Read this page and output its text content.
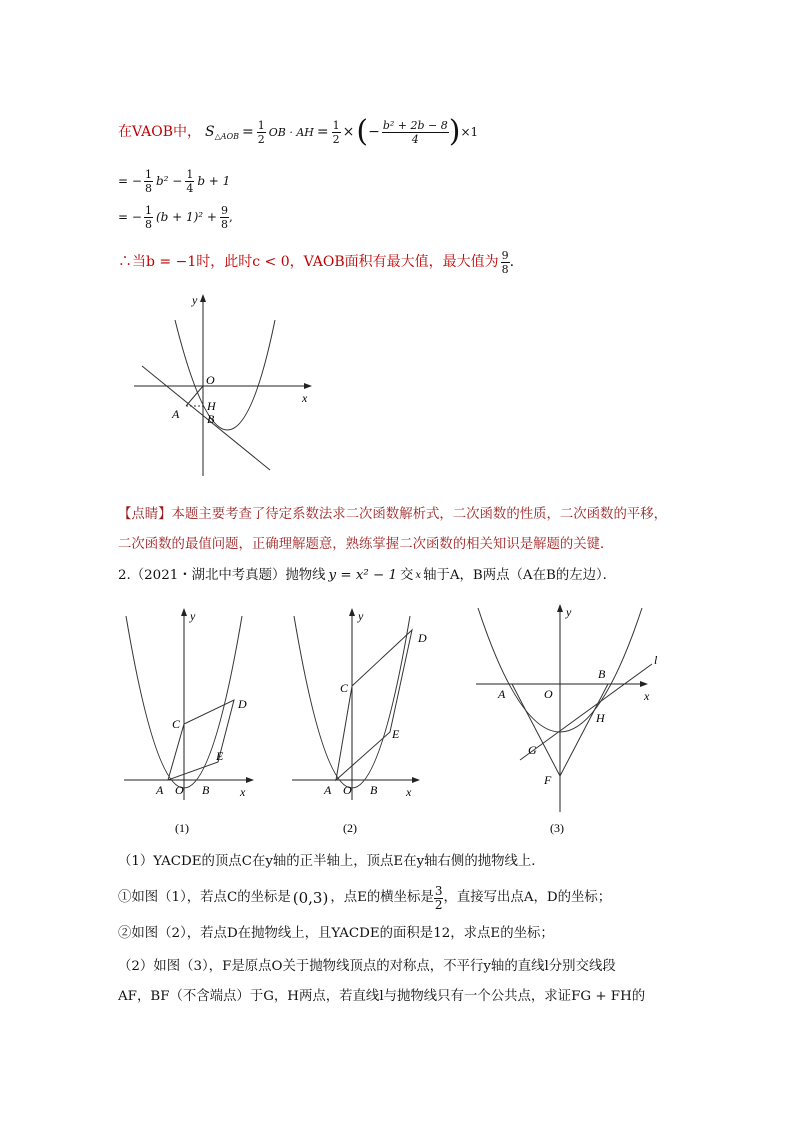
在VAOB中， S △AOB = $\frac{1}{2}$ OB · AH = $\frac{1}{2}$ × ( − $\frac{\text{b² + 2b − 8}}{4}$ ) ×1
= − $\frac{1}{8} b^2 - \frac{1}{4}$ b + 1
= − $\frac{1}{8} (b + 1)^2 + \frac{9}{8}$ ,
∴当b = −1时，此时c < 0，VAOB面积有最大值，最大值为 $\frac{9}{8}$ .
y
x
O
H
B
A
【点睛】本题主要考查了待定系数法求二次函数解析式，二次函数的性质，二次函数的平移，
二次函数的最值问题，正确理解题意，熟练掌握二次函数的相关知识是解题的关键．
2.（2021・湖北中考真题）抛物线 y = x² − 1 交 x 轴于 A， B两点（A在B的左边）．
y
x
C
D
E
A O B
(1)
y
x
C
D
E
A O B
(2)
y
x
l
A	O
B
H
G
F
(3)
（1）YACDE的顶点C在y轴的正半轴上，顶点E在y轴右侧的抛物线上．
①如图（1），若点C的坐标是 (0,3) ，点E的横坐标是 $\frac{3}{2}$ ，直接写出点A，D的坐标；
②如图（2），若点D在抛物线上，且YACDE的面积是12，求点E的坐标；
（2）如图（3），F是原点O关于抛物线顶点的对称点，不平行y轴的直线l分别交线段
AF，BF（不含端点）于G，H两点，若直线l与抛物线只有一个公共点，求证FG + FH的
